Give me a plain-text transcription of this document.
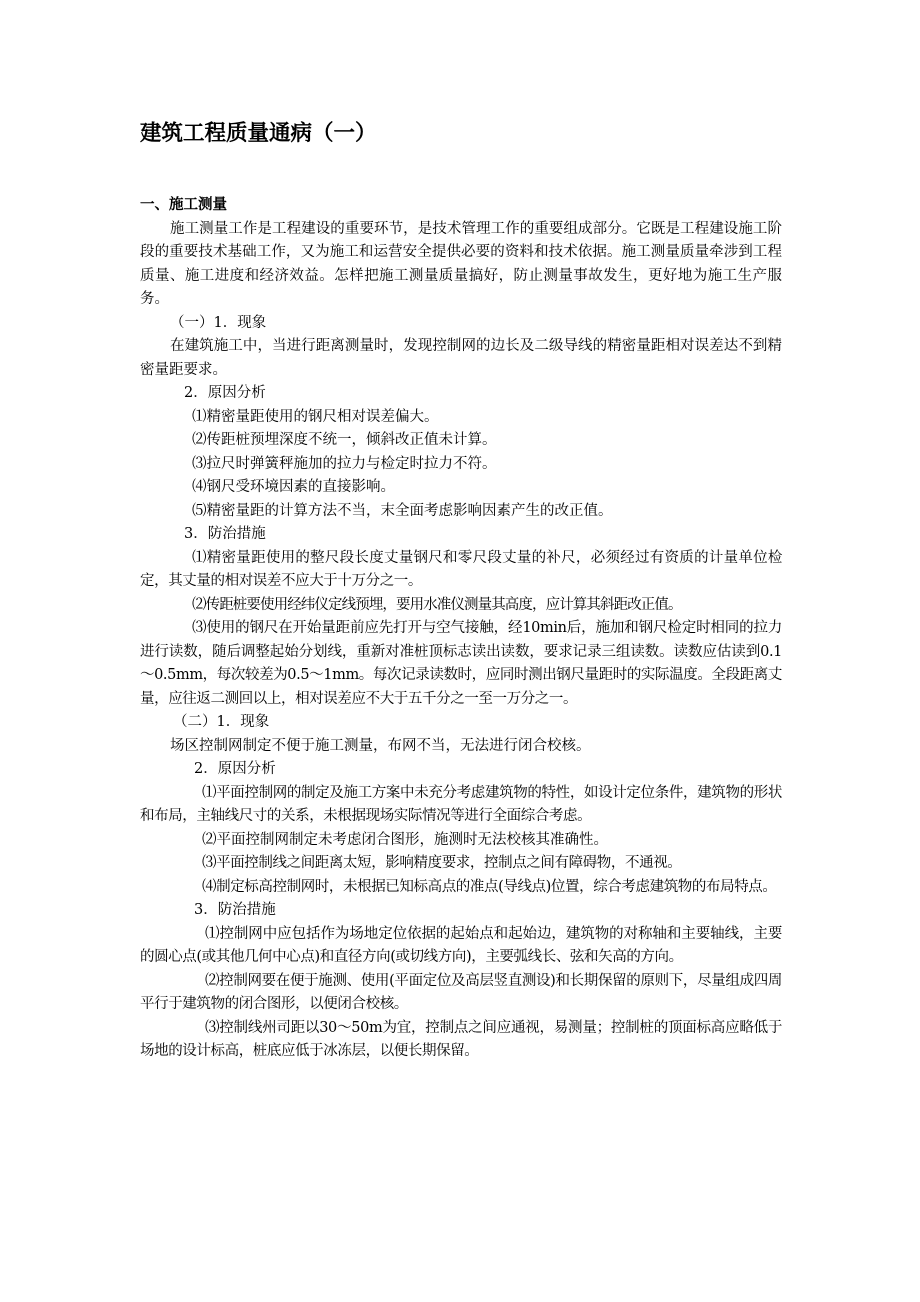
建筑工程质量通病（一）
一、施工测量

施工测量工作是工程建设的重要环节，是技术管理工作的重要组成部分。它既是工程建设施工阶段的重要技术基础工作，又为施工和运营安全提供必要的资料和技术依据。施工测量质量牵涉到工程质量、施工进度和经济效益。怎样把施工测量质量搞好，防止测量事故发生，更好地为施工生产服务。

（一）1．现象

在建筑施工中，当进行距离测量时，发现控制网的边长及二级导线的精密量距相对误差达不到精密量距要求。

2．原因分析

⑴精密量距使用的钢尺相对误差偏大。

⑵传距桩预埋深度不统一，倾斜改正值未计算。

⑶拉尺时弹簧秤施加的拉力与检定时拉力不符。

⑷钢尺受环境因素的直接影响。

⑸精密量距的计算方法不当，末全面考虑影响因素产生的改正值。

3．防治措施

⑴精密量距使用的整尺段长度丈量钢尺和零尺段丈量的补尺，必须经过有资质的计量单位检定，其丈量的相对误差不应大于十万分之一。

⑵传距桩要使用经纬仪定线预埋，要用水准仪测量其高度，应计算其斜距改正值。

⑶使用的钢尺在开始量距前应先打开与空气接触，经10min后，施加和钢尺检定时相同的拉力进行读数，随后调整起始分划线，重新对准桩顶标志读出读数，要求记录三组读数。读数应估读到0.1～0.5mm，每次较差为0.5～1mm。每次记录读数时，应同时测出钢尺量距时的实际温度。全段距离丈量，应往返二测回以上，相对误差应不大于五千分之一至一万分之一。

（二）1．现象

场区控制网制定不便于施工测量，布网不当，无法进行闭合校核。

2．原因分析

⑴平面控制网的制定及施工方案中未充分考虑建筑物的特性，如设计定位条件，建筑物的形状和布局，主轴线尺寸的关系，未根据现场实际情况等进行全面综合考虑。

⑵平面控制网制定未考虑闭合图形，施测时无法校核其准确性。

⑶平面控制线之间距离太短，影响精度要求，控制点之间有障碍物，不通视。

⑷制定标高控制网时，未根据已知标高点的准点(导线点)位置，综合考虑建筑物的布局特点。

3．防治措施

⑴控制网中应包括作为场地定位依据的起始点和起始边，建筑物的对称轴和主要轴线，主要的圆心点(或其他几何中心点)和直径方向(或切线方向)，主要弧线长、弦和矢高的方向。

⑵控制网要在便于施测、使用(平面定位及高层竖直测设)和长期保留的原则下，尽量组成四周平行于建筑物的闭合图形，以便闭合校核。

⑶控制线州司距以30～50m为宜，控制点之间应通视，易测量；控制桩的顶面标高应略低于场地的设计标高，桩底应低于冰冻层，以便长期保留。
